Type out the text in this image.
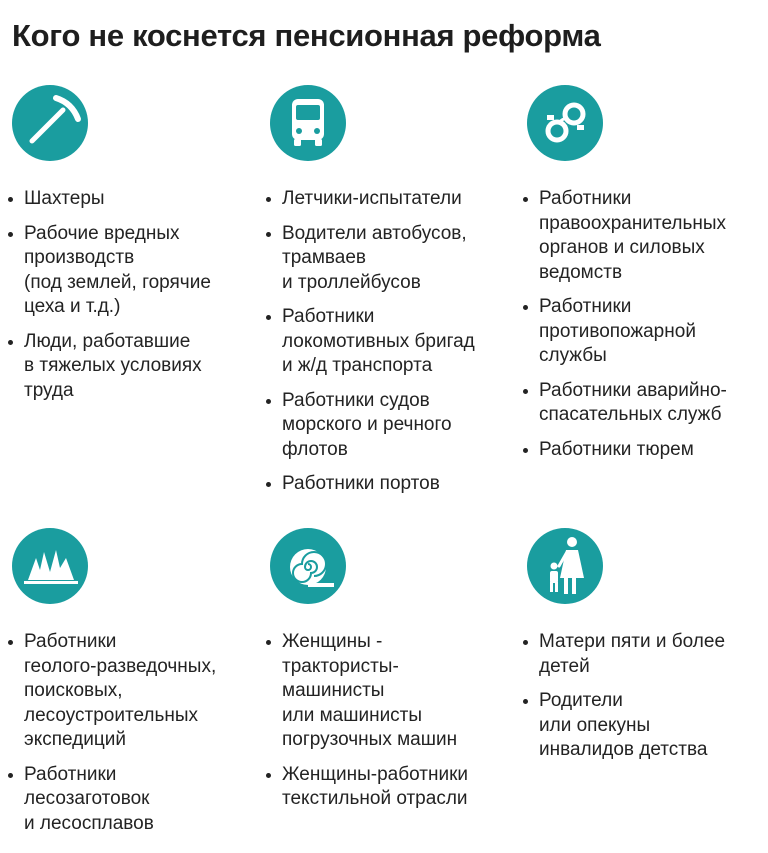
Кого не коснется пенсионная реформа
Шахтеры
Рабочие вредных
производств
(под землей, горячие
цеха и т.д.)
Люди, работавшие
в тяжелых условиях
труда
Летчики-испытатели
Водители автобусов,
трамваев
и троллейбусов
Работники
локомотивных бригад
и ж/д транспорта
Работники судов
морского и речного
флотов
Работники портов
Работники
правоохранительных
органов и силовых
ведомств
Работники
противопожарной
службы
Работники аварийно-
спасательных служб
Работники тюрем
Работники
геолого-разведочных,
поисковых,
лесоустроительных
экспедиций
Работники
лесозаготовок
и лесосплавов
Женщины -
трактористы-
машинисты
или машинисты
погрузочных машин
Женщины-работники
текстильной отрасли
Матери пяти и более
детей
Родители
или опекуны
инвалидов детства
